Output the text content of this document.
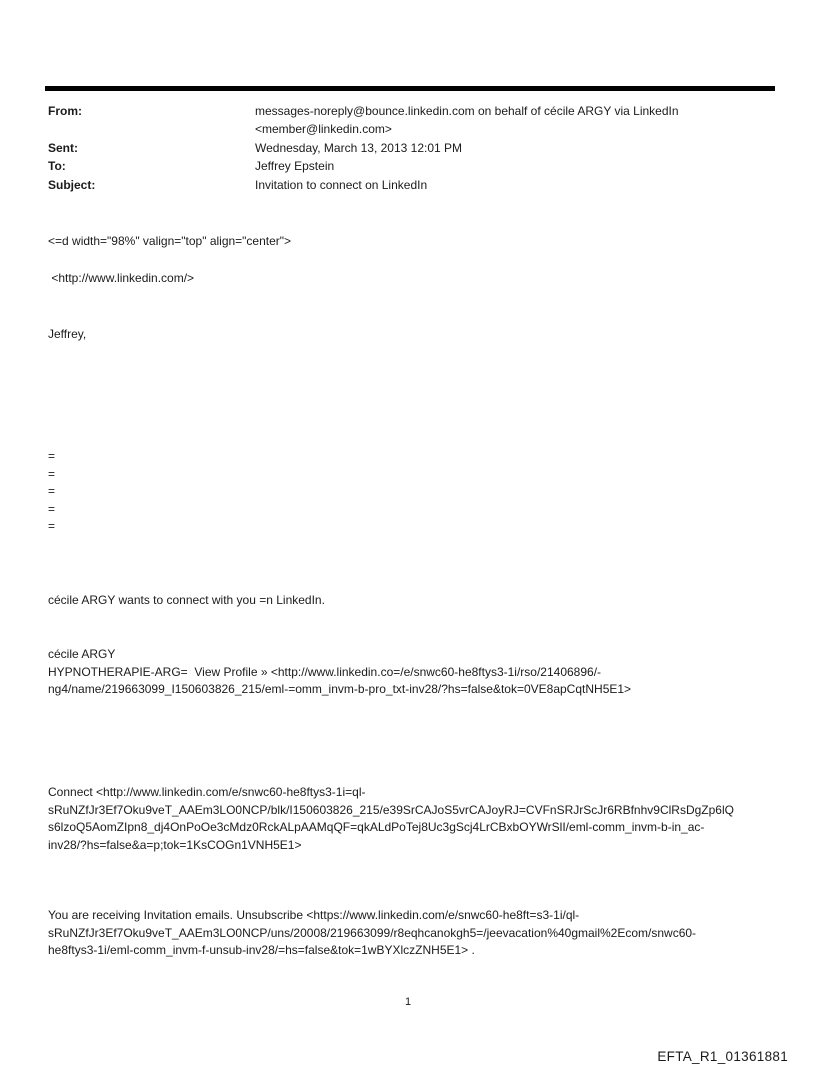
From:	messages-noreply@bounce.linkedin.com on behalf of cécile ARGY via LinkedIn
<member@linkedin.com>
Sent:	Wednesday, March 13, 2013 12:01 PM
To:	Jeffrey Epstein
Subject:	Invitation to connect on LinkedIn
<=d width="98%" valign="top" align="center">
<http://www.linkedin.com/>
Jeffrey,
=
=
=
=
=
cécile ARGY wants to connect with you =n LinkedIn.
cécile ARGY
HYPNOTHERAPIE-ARG=  View Profile » <http://www.linkedin.co=/e/snwc60-he8ftys3-1i/rso/21406896/-
ng4/name/219663099_I150603826_215/eml-=omm_invm-b-pro_txt-inv28/?hs=false&tok=0VE8apCqtNH5E1>
Connect <http://www.linkedin.com/e/snwc60-he8ftys3-1i=ql-
sRuNZfJr3Ef7Oku9veT_AAEm3LO0NCP/blk/I150603826_215/e39SrCAJoS5vrCAJoyRJ=CVFnSRJrScJr6RBfnhv9ClRsDgZp6lQ
s6lzoQ5AomZIpn8_dj4OnPoOe3cMdz0RckALpAAMqQF=qkALdPoTej8Uc3gScj4LrCBxbOYWrSlI/eml-comm_invm-b-in_ac-
inv28/?hs=false&a=p;tok=1KsCOGn1VNH5E1>
You are receiving Invitation emails. Unsubscribe <https://www.linkedin.com/e/snwc60-he8ft=s3-1i/ql-
sRuNZfJr3Ef7Oku9veT_AAEm3LO0NCP/uns/20008/219663099/r8eqhcanokgh5=/jeevacation%40gmail%2Ecom/snwc60-
he8ftys3-1i/eml-comm_invm-f-unsub-inv28/=hs=false&tok=1wBYXlczZNH5E1> .
1
EFTA_R1_01361881
